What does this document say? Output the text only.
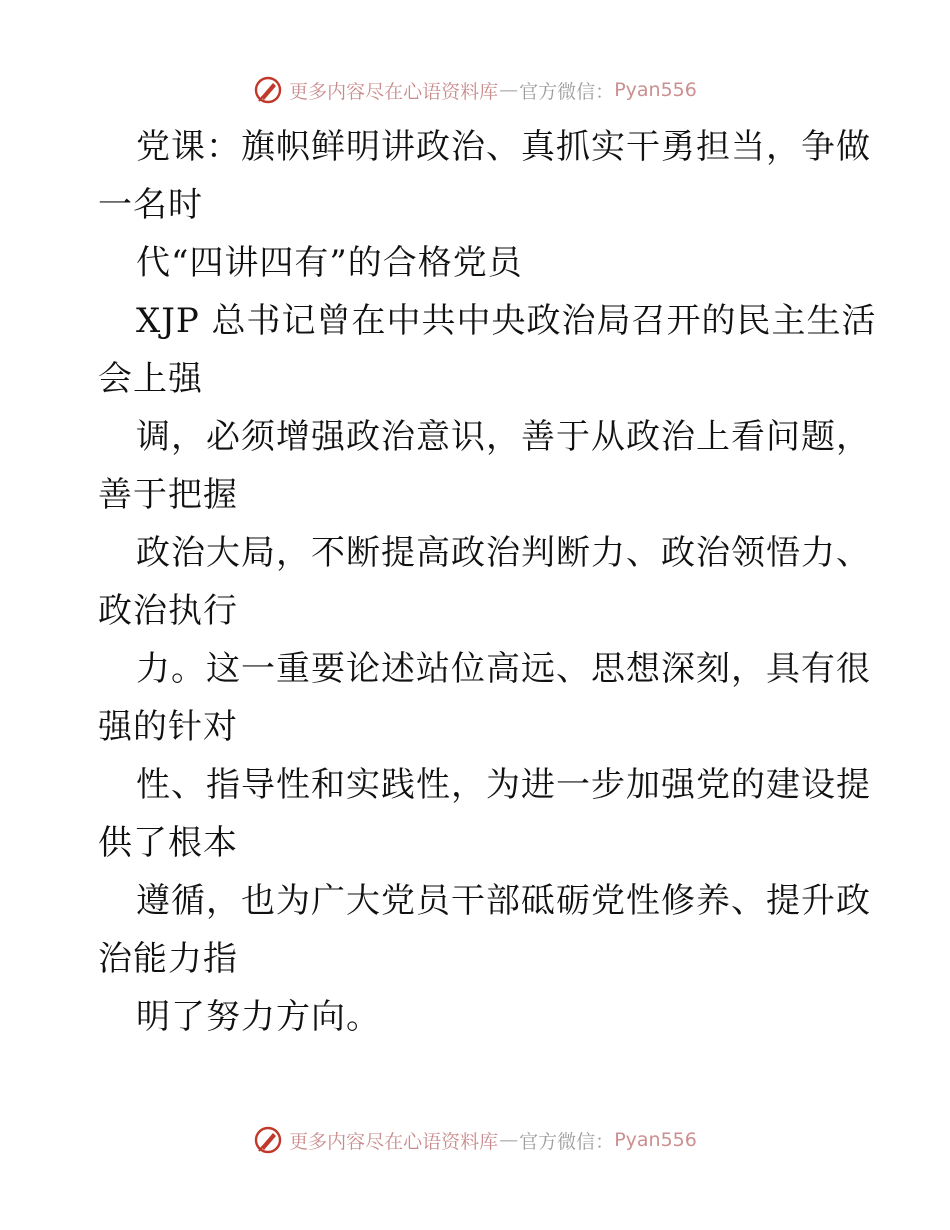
更多内容尽在心语资料库 — 官方微信： Pyan556
党课：旗帜鲜明讲政治、真抓实干勇担当，争做
一名时
代“四讲四有”的合格党员
XJP 总书记曾在中共中央政治局召开的民主生活
会上强
调，必须增强政治意识，善于从政治上看问题，
善于把握
政治大局，不断提高政治判断力、政治领悟力、
政治执行
力。这一重要论述站位高远、思想深刻，具有很
强的针对
性、指导性和实践性，为进一步加强党的建设提
供了根本
遵循，也为广大党员干部砥砺党性修养、提升政
治能力指
明了努力方向。
更多内容尽在心语资料库 — 官方微信： Pyan556
